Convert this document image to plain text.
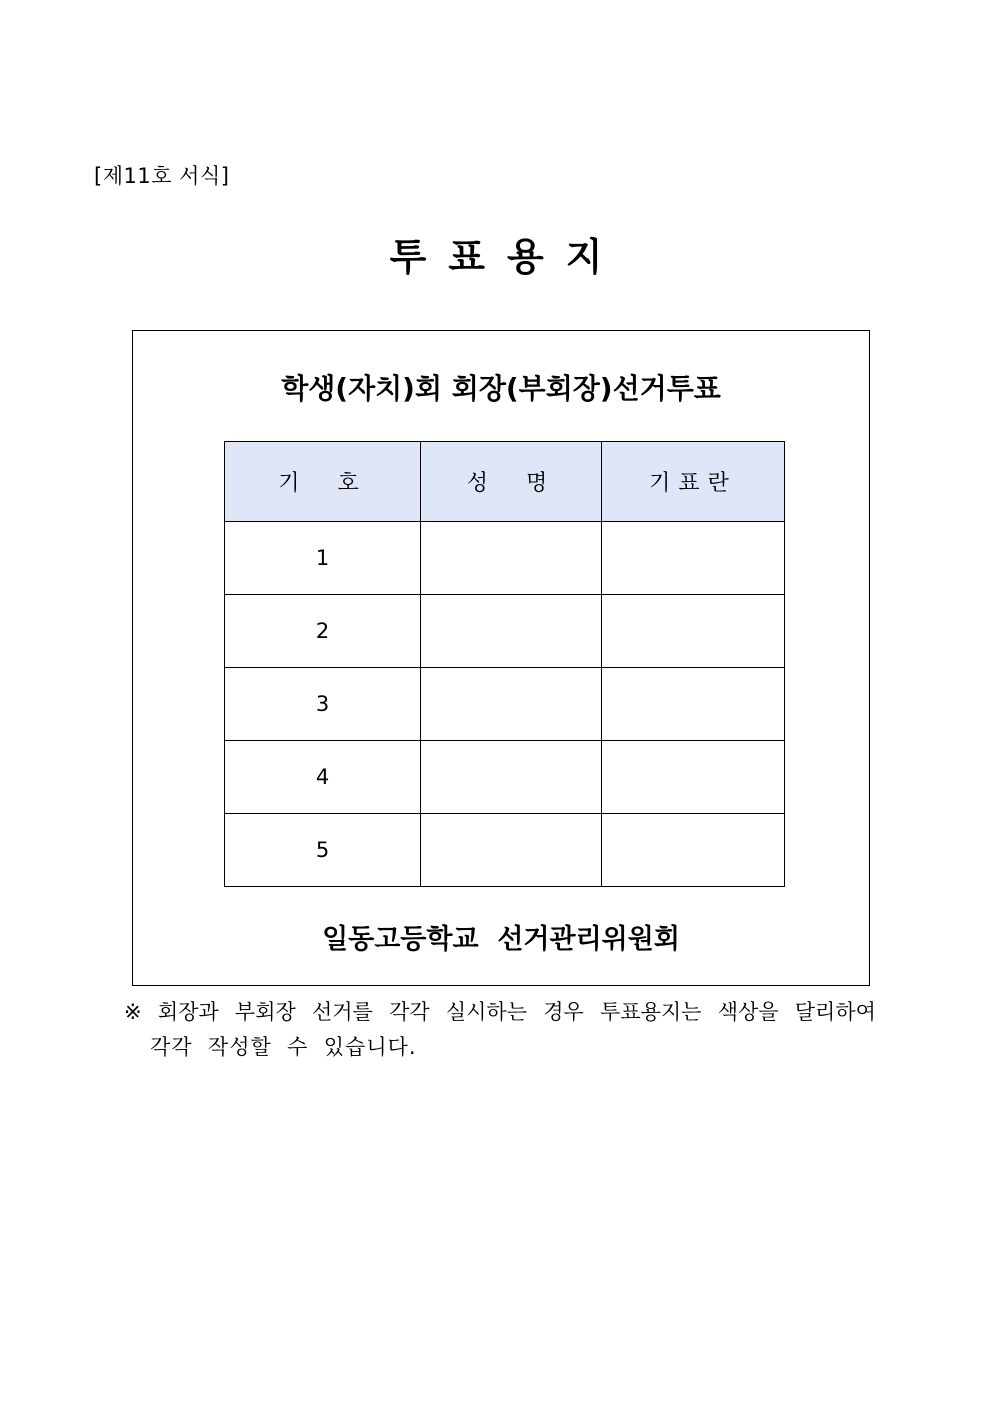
[제11호 서식]
투표용지
학생(자치)회 회장(부회장)선거투표
기  호	성  명	기표란
1		
2		
3		
4		
5		
일동고등학교  선거관리위원회
※ 회장과 부회장 선거를 각각 실시하는 경우 투표용지는 색상을 달리하여
각각  작성할  수  있습니다.
